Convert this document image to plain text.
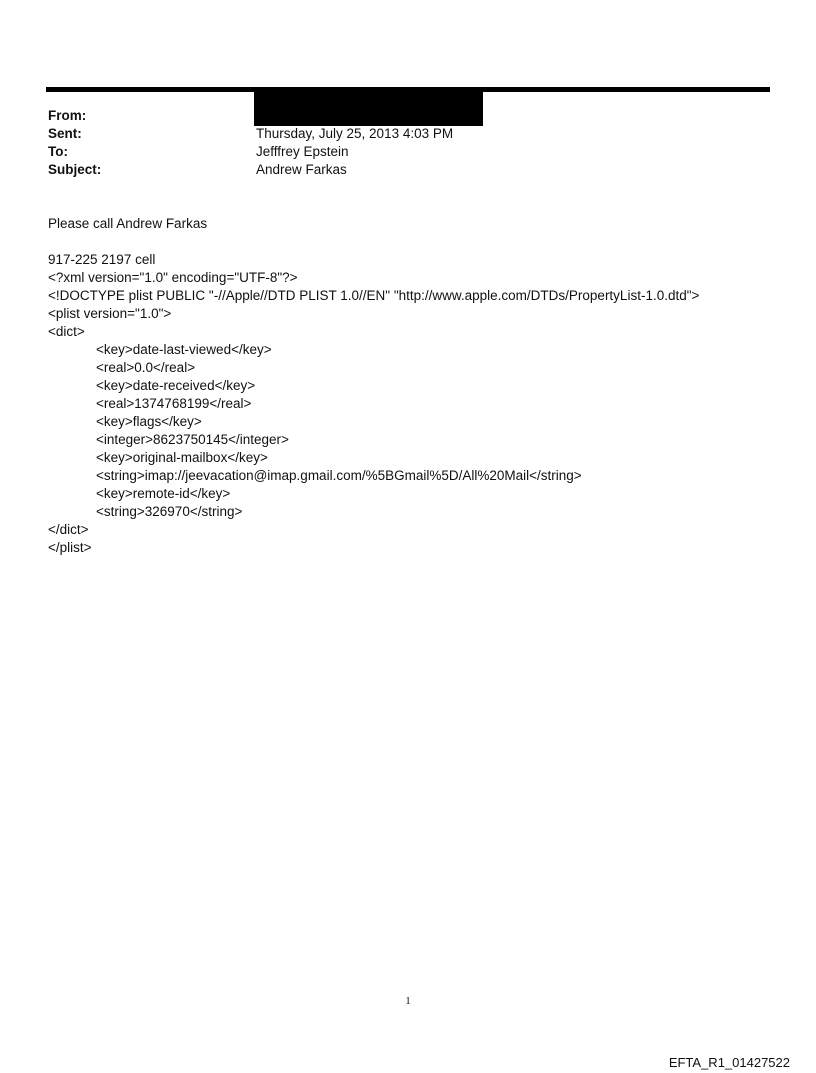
From:
Sent:	Thursday, July 25, 2013 4:03 PM
To:	Jefffrey Epstein
Subject:	Andrew Farkas
Please call Andrew Farkas
917-225 2197 cell
<?xml version="1.0" encoding="UTF-8"?>
<!DOCTYPE plist PUBLIC "-//Apple//DTD PLIST 1.0//EN" "http://www.apple.com/DTDs/PropertyList-1.0.dtd">
<plist version="1.0">
<dict>
<key>date-last-viewed</key>
<real>0.0</real>
<key>date-received</key>
<real>1374768199</real>
<key>flags</key>
<integer>8623750145</integer>
<key>original-mailbox</key>
<string>imap://jeevacation@imap.gmail.com/%5BGmail%5D/All%20Mail</string>
<key>remote-id</key>
<string>326970</string>
</dict>
</plist>
1
EFTA_R1_01427522
